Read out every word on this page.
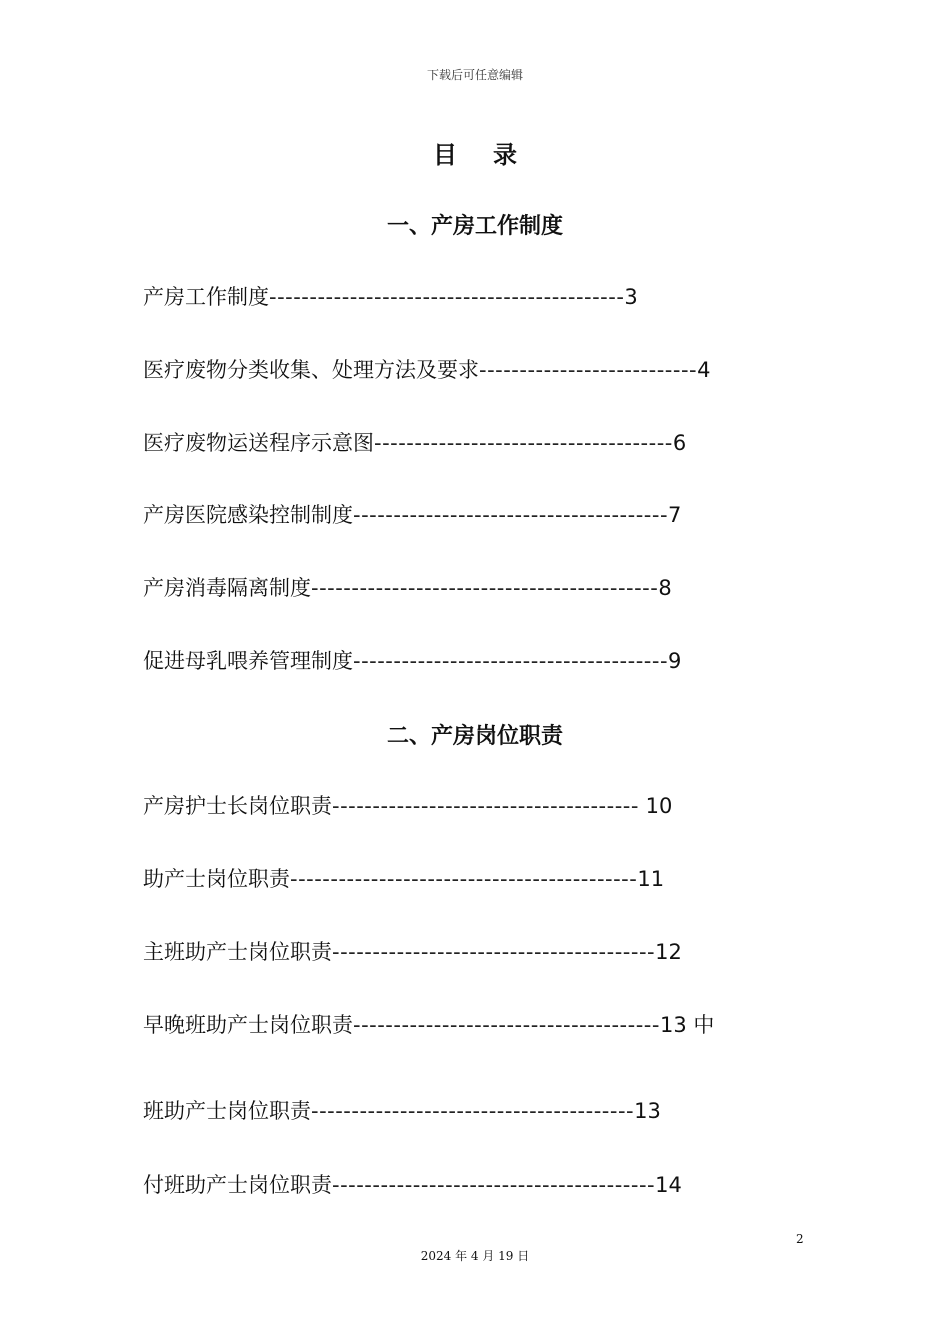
下载后可任意编辑
目录
一、产房工作制度
产房工作制度--------------------------------------------3
医疗废物分类收集、处理方法及要求---------------------------4
医疗废物运送程序示意图-------------------------------------6
产房医院感染控制制度---------------------------------------7
产房消毒隔离制度-------------------------------------------8
促进母乳喂养管理制度---------------------------------------9
二、产房岗位职责
产房护士长岗位职责-------------------------------------- 10
助产士岗位职责-------------------------------------------11
主班助产士岗位职责----------------------------------------12
早晚班助产士岗位职责--------------------------------------13 中
班助产士岗位职责----------------------------------------13
付班助产士岗位职责----------------------------------------14
2
2024 年 4 月 19 日
